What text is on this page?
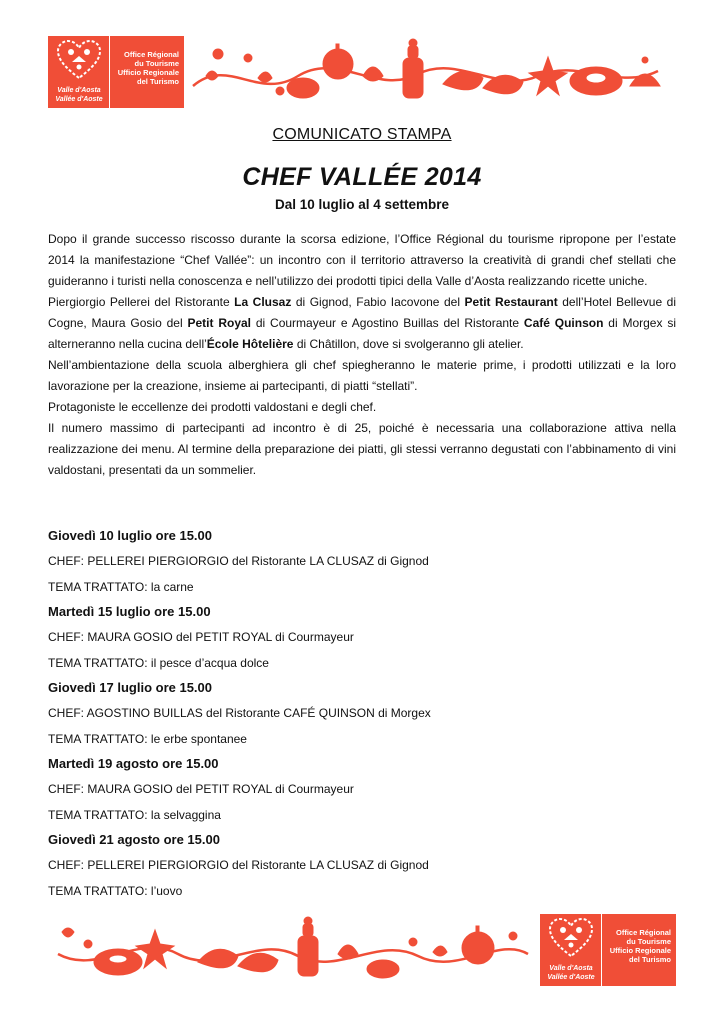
Valle d'Aosta
Vallée d'Aoste
Office Régional
du Tourisme
Ufficio Regionale
del Turismo
COMUNICATO STAMPA
CHEF VALLÉE 2014
Dal 10 luglio al 4 settembre

Dopo il grande successo riscosso durante la scorsa edizione, l’Office Régional du tourisme ripropone per l’estate 2014 la manifestazione “Chef Vallée”: un incontro con il territorio attraverso la creatività di grandi chef stellati che guideranno i turisti nella conoscenza e nell’utilizzo dei prodotti tipici della Valle d’Aosta realizzando ricette uniche.

Piergiorgio Pellerei del Ristorante La Clusaz di Gignod, Fabio Iacovone del Petit Restaurant dell’Hotel Bellevue di Cogne, Maura Gosio del Petit Royal di Courmayeur e Agostino Buillas del Ristorante Café Quinson di Morgex si alterneranno nella cucina dell’École Hôtelière di Châtillon, dove si svolgeranno gli atelier.

Nell’ambientazione della scuola alberghiera gli chef spiegheranno le materie prime, i prodotti utilizzati e la loro lavorazione per la creazione, insieme ai partecipanti, di piatti “stellati”.

Protagoniste le eccellenze dei prodotti valdostani e degli chef.

Il numero massimo di partecipanti ad incontro è di 25, poiché è necessaria una collaborazione attiva nella realizzazione dei menu. Al termine della preparazione dei piatti, gli stessi verranno degustati con l’abbinamento di vini valdostani, presentati da un sommelier.

Giovedì 10 luglio ore 15.00
CHEF: PELLEREI PIERGIORGIO del Ristorante LA CLUSAZ di Gignod
TEMA TRATTATO: la carne
Martedì 15 luglio ore 15.00
CHEF: MAURA GOSIO del PETIT ROYAL di Courmayeur
TEMA TRATTATO: il pesce d’acqua dolce
Giovedì 17 luglio ore 15.00
CHEF: AGOSTINO BUILLAS del Ristorante CAFÉ QUINSON di Morgex
TEMA TRATTATO: le erbe spontanee
Martedì 19 agosto ore 15.00
CHEF: MAURA GOSIO del PETIT ROYAL di Courmayeur
TEMA TRATTATO: la selvaggina
Giovedì 21 agosto ore 15.00
CHEF: PELLEREI PIERGIORGIO del Ristorante LA CLUSAZ di Gignod
TEMA TRATTATO: l’uovo
Valle d'Aosta
Vallée d'Aoste
Office Régional
du Tourisme
Ufficio Regionale
del Turismo
